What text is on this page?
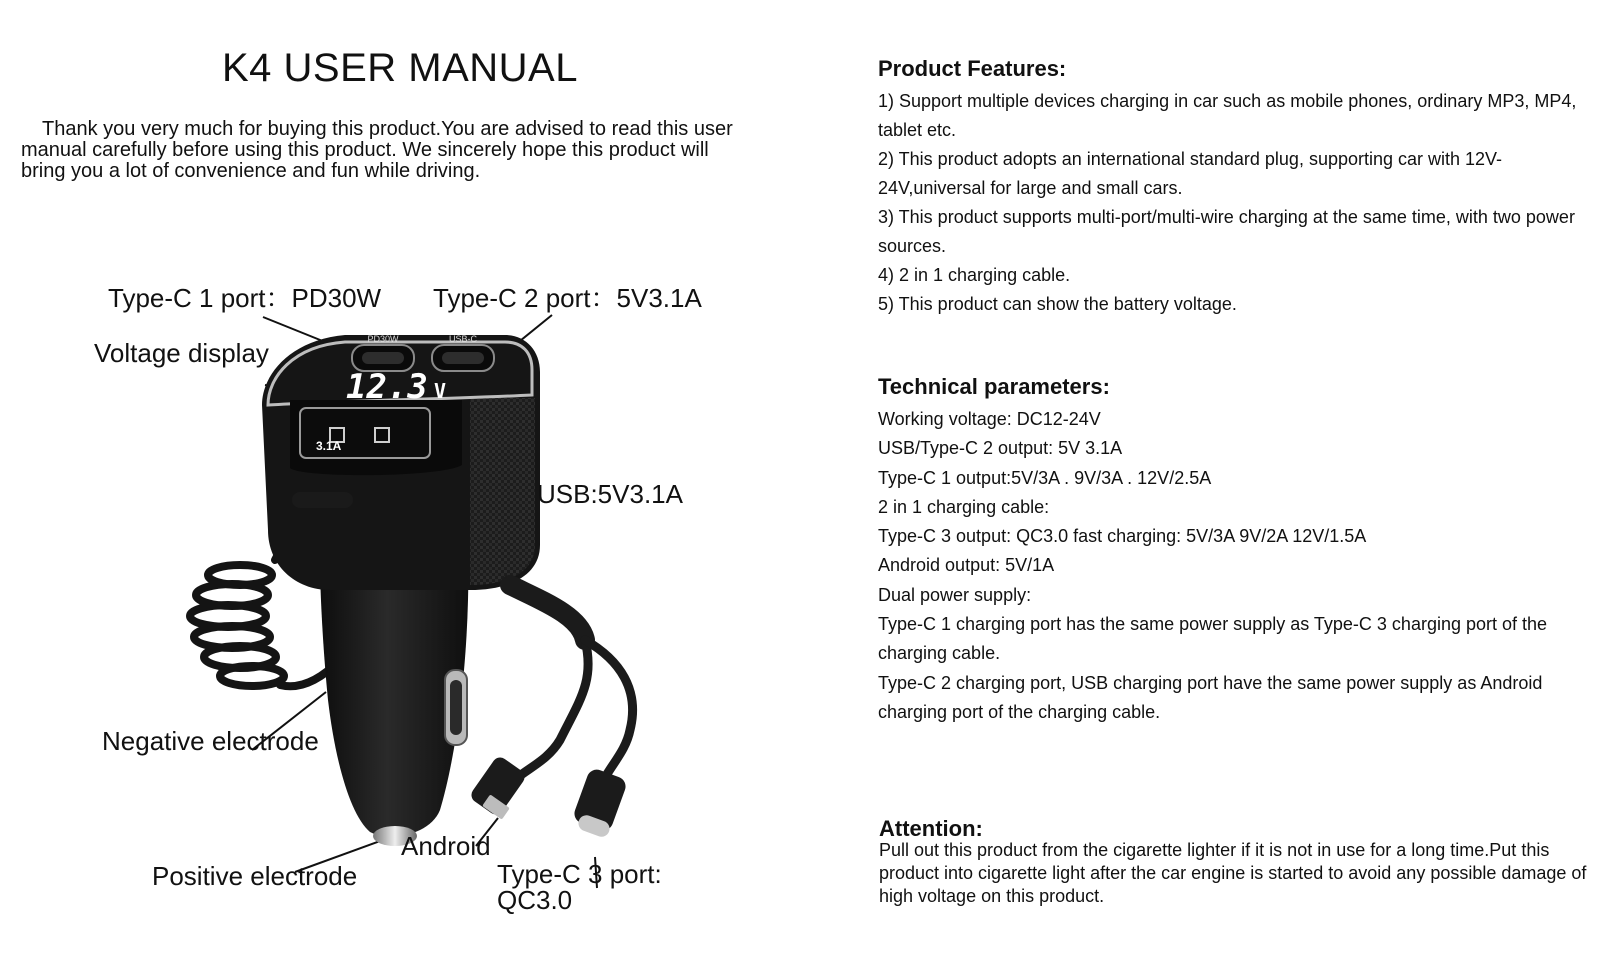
K4 USER MANUAL
Thank you very much for buying this product.You are advised to read this user manual carefully before using this product. We sincerely hope this product will bring you a lot of convenience and fun while driving.
PD30W	USB-C
12.3 V
3.1A
Type-C 1 port：PD30W Type-C 2 port：5V3.1A
Voltage display
USB:5V3.1A
Negative electrode
Android
Positive electrode	Type-C 3 port:
QC3.0
Product Features:
1) Support multiple devices charging in car such as mobile phones, ordinary MP3, MP4, tablet etc.
2) This product adopts an international standard plug, supporting car with 12V-24V,universal for large and small cars.
3) This product supports multi-port/multi-wire charging at the same time, with two power sources.
4) 2 in 1 charging cable.
5) This product can show the battery voltage.
Technical parameters:
Working voltage: DC12-24V
USB/Type-C 2 output: 5V 3.1A
Type-C 1 output:5V/3A . 9V/3A . 12V/2.5A
2 in 1 charging cable:
Type-C 3 output: QC3.0 fast charging: 5V/3A 9V/2A 12V/1.5A
Android output: 5V/1A
Dual power supply:
Type-C 1 charging port has the same power supply as Type-C 3 charging port of the charging cable.
Type-C 2 charging port, USB charging port have the same power supply as Android charging port of the charging cable.
Attention:
Pull out this product from the cigarette lighter if it is not in use for a long time.Put this product into cigarette light after the car engine is started to avoid any possible damage of high voltage on this product.
